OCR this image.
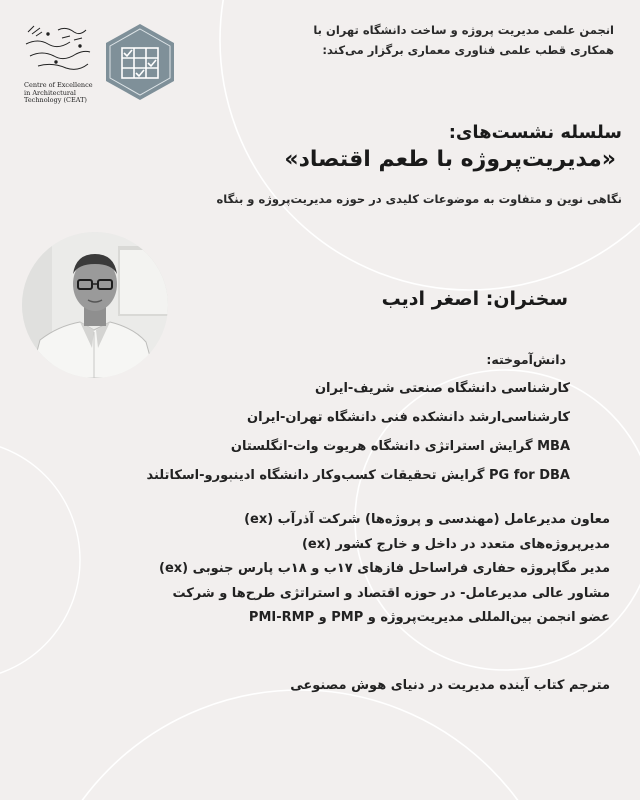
Centre of Excellence in Architectural Technology (CEAT)
انجمن علمی مدیریت پروژه و ساخت دانشگاه تهران با همکاری قطب علمی فناوری معماری برگزار می‌کند:
سلسله نشست‌های:
«مدیریت‌پروژه با طعم اقتصاد»
نگاهی نوین و متفاوت به موضوعات کلیدی در حوزه مدیریت‌پروژه و بنگاه
سخنران: اصغر ادیب
دانش‌آموخته:
کارشناسی دانشگاه صنعتی شریف-ایران
کارشناسی‌ارشد دانشکده فنی دانشگاه تهران-ایران
MBA گرایش استراتژی دانشگاه هریوت وات-انگلستان
PG for DBA گرایش تحقیقات کسب‌وکار دانشگاه ادینبورو-اسکاتلند
معاون مدیرعامل (مهندسی و پروژه‌ها) شرکت آذرآب (ex)
مدیرپروژه‌های متعدد در داخل و خارج کشور (ex)
مدیر مگاپروژه حفاری فراساحل فازهای ۱۷ب و ۱۸ب پارس جنوبی (ex)
مشاور عالی مدیرعامل- در حوزه اقتصاد و استراتژی طرح‌ها و شرکت
عضو انجمن بین‌المللی مدیریت‌پروژه و PMP و PMI-RMP
مترجم کتاب آینده مدیریت در دنیای هوش مصنوعی
